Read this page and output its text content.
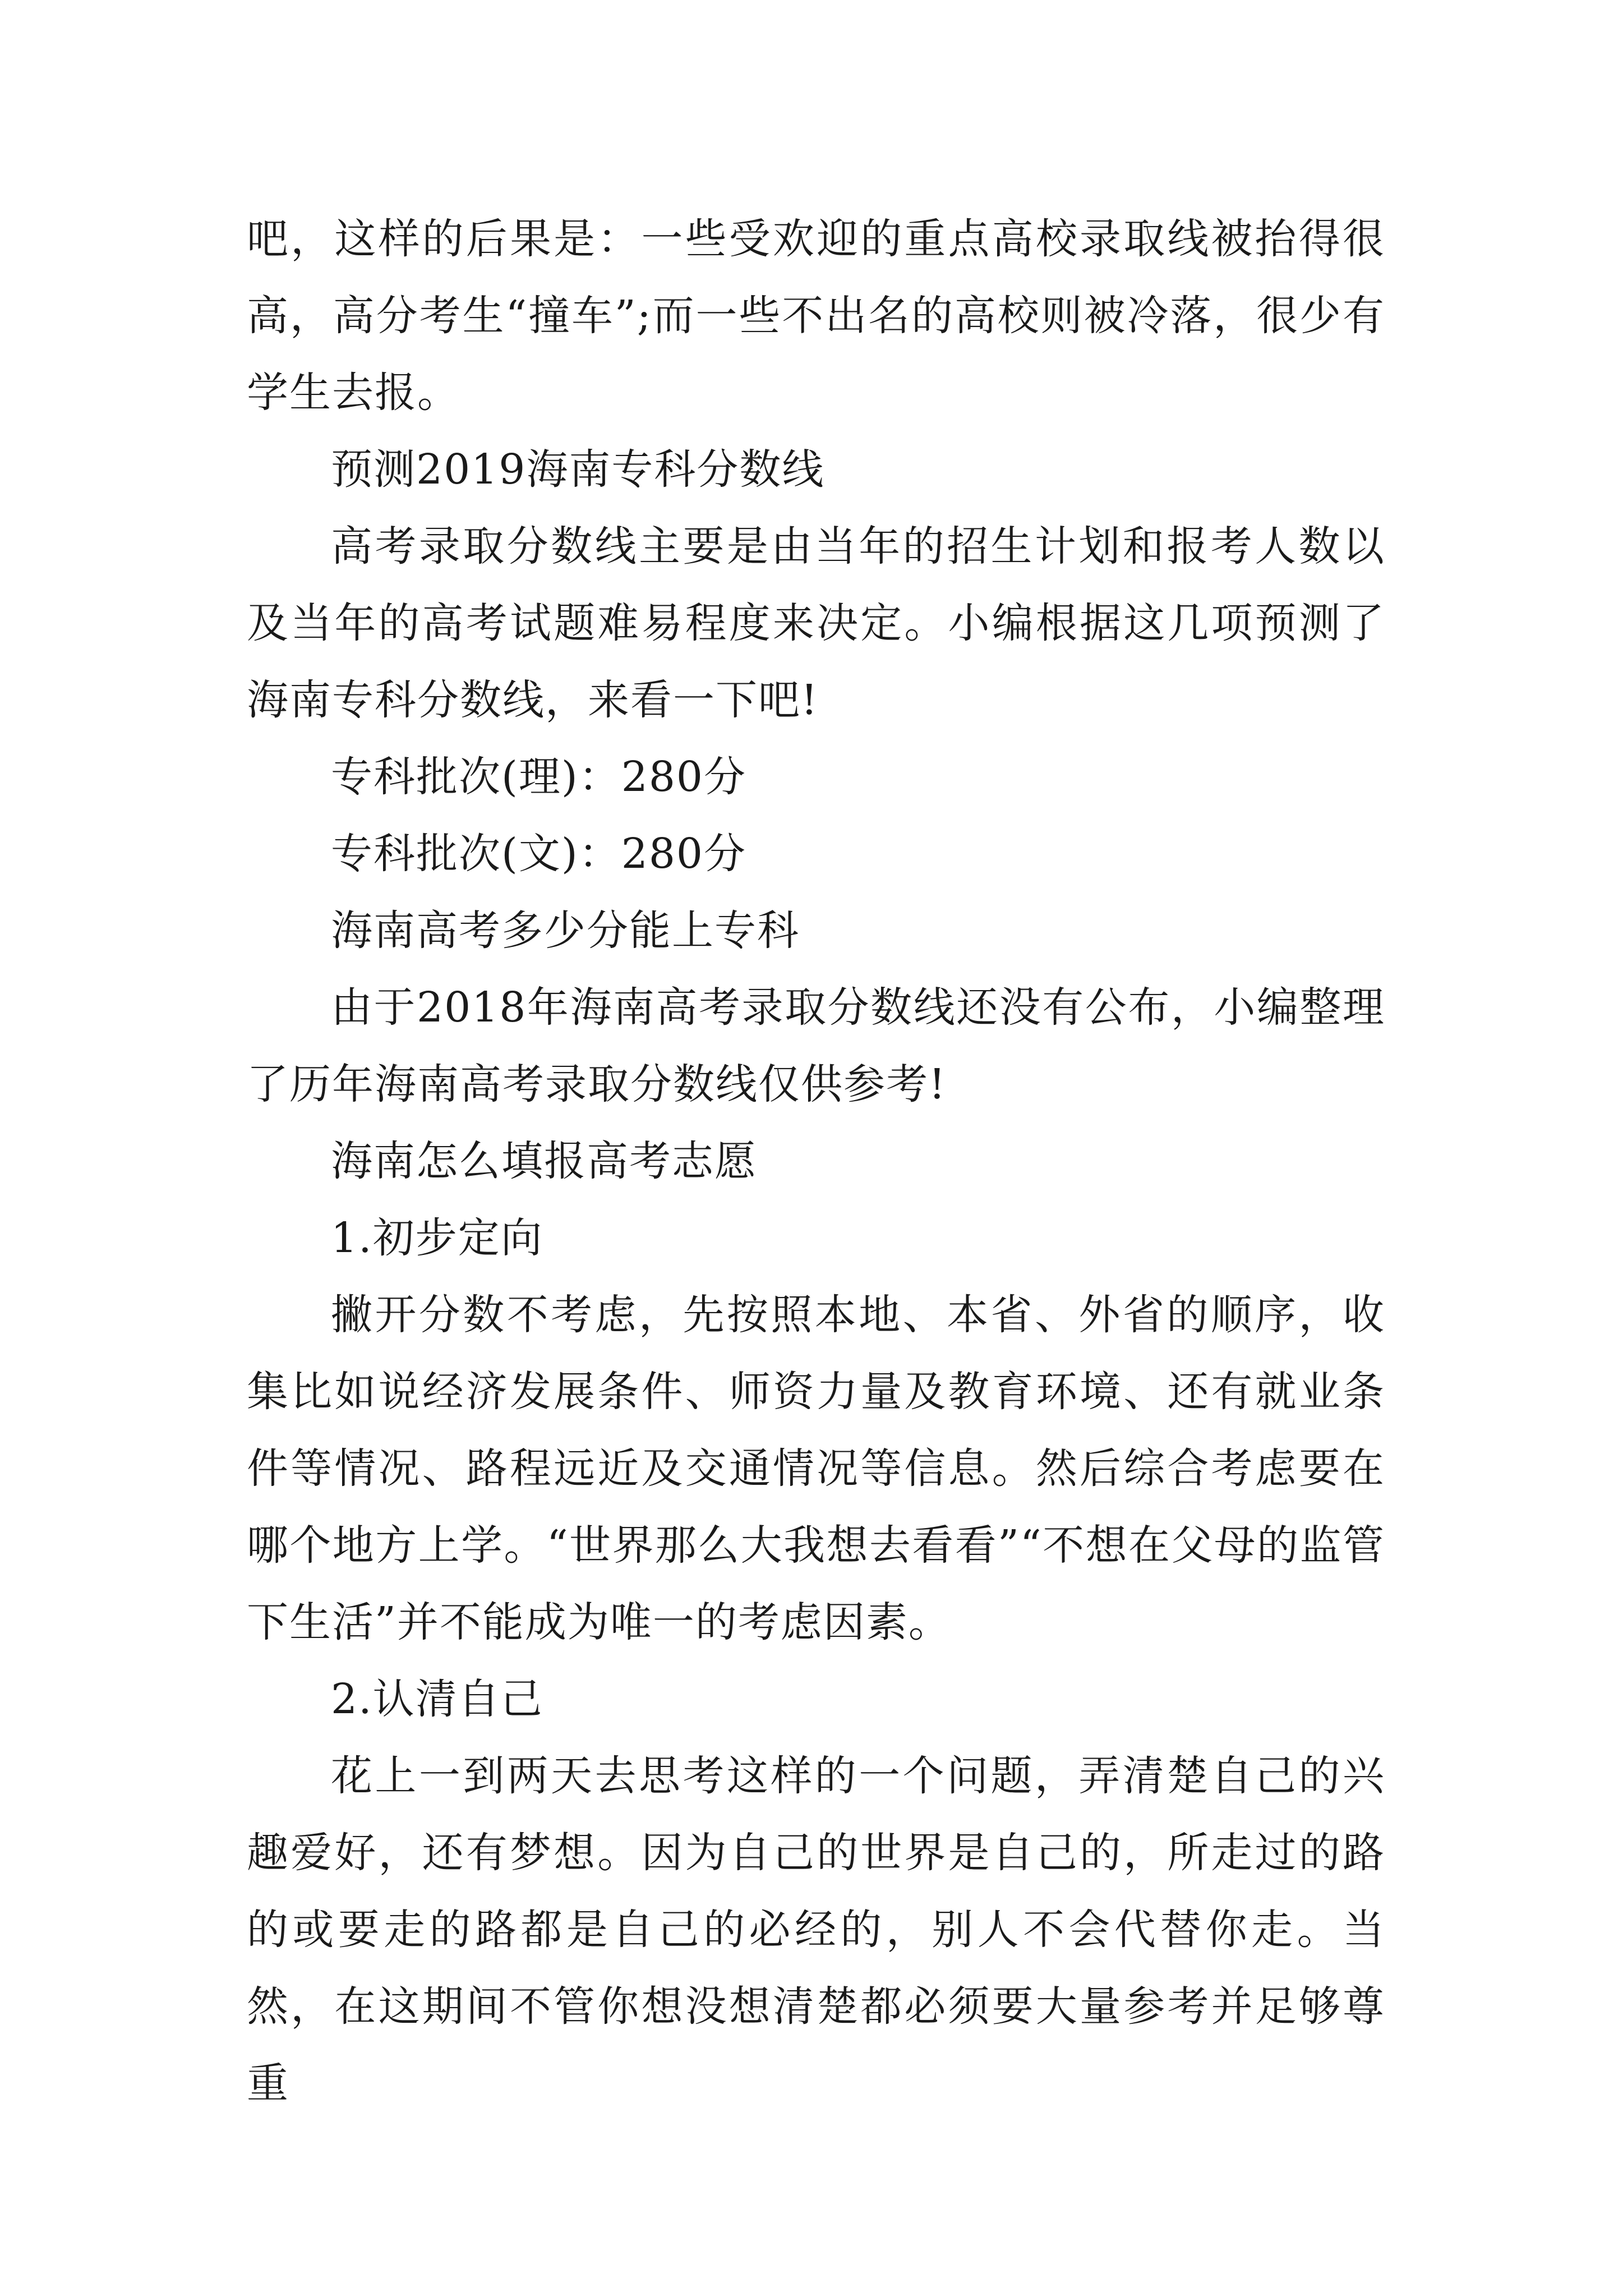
吧，这样的后果是：一些受欢迎的重点高校录取线被抬得很高，高分考生“撞车”;而一些不出名的高校则被冷落，很少有学生去报。

预测2019海南专科分数线

高考录取分数线主要是由当年的招生计划和报考人数以及当年的高考试题难易程度来决定。小编根据这几项预测了海南专科分数线，来看一下吧!

专科批次(理)：280分

专科批次(文)：280分

海南高考多少分能上专科

由于2018年海南高考录取分数线还没有公布，小编整理了历年海南高考录取分数线仅供参考!

海南怎么填报高考志愿

1.初步定向

撇开分数不考虑，先按照本地、本省、外省的顺序，收集比如说经济发展条件、师资力量及教育环境、还有就业条件等情况、路程远近及交通情况等信息。然后综合考虑要在哪个地方上学。“世界那么大我想去看看”“不想在父母的监管下生活”并不能成为唯一的考虑因素。

2.认清自己

花上一到两天去思考这样的一个问题，弄清楚自己的兴趣爱好，还有梦想。因为自己的世界是自己的，所走过的路的或要走的路都是自己的必经的，别人不会代替你走。当然，在这期间不管你想没想清楚都必须要大量参考并足够尊重
